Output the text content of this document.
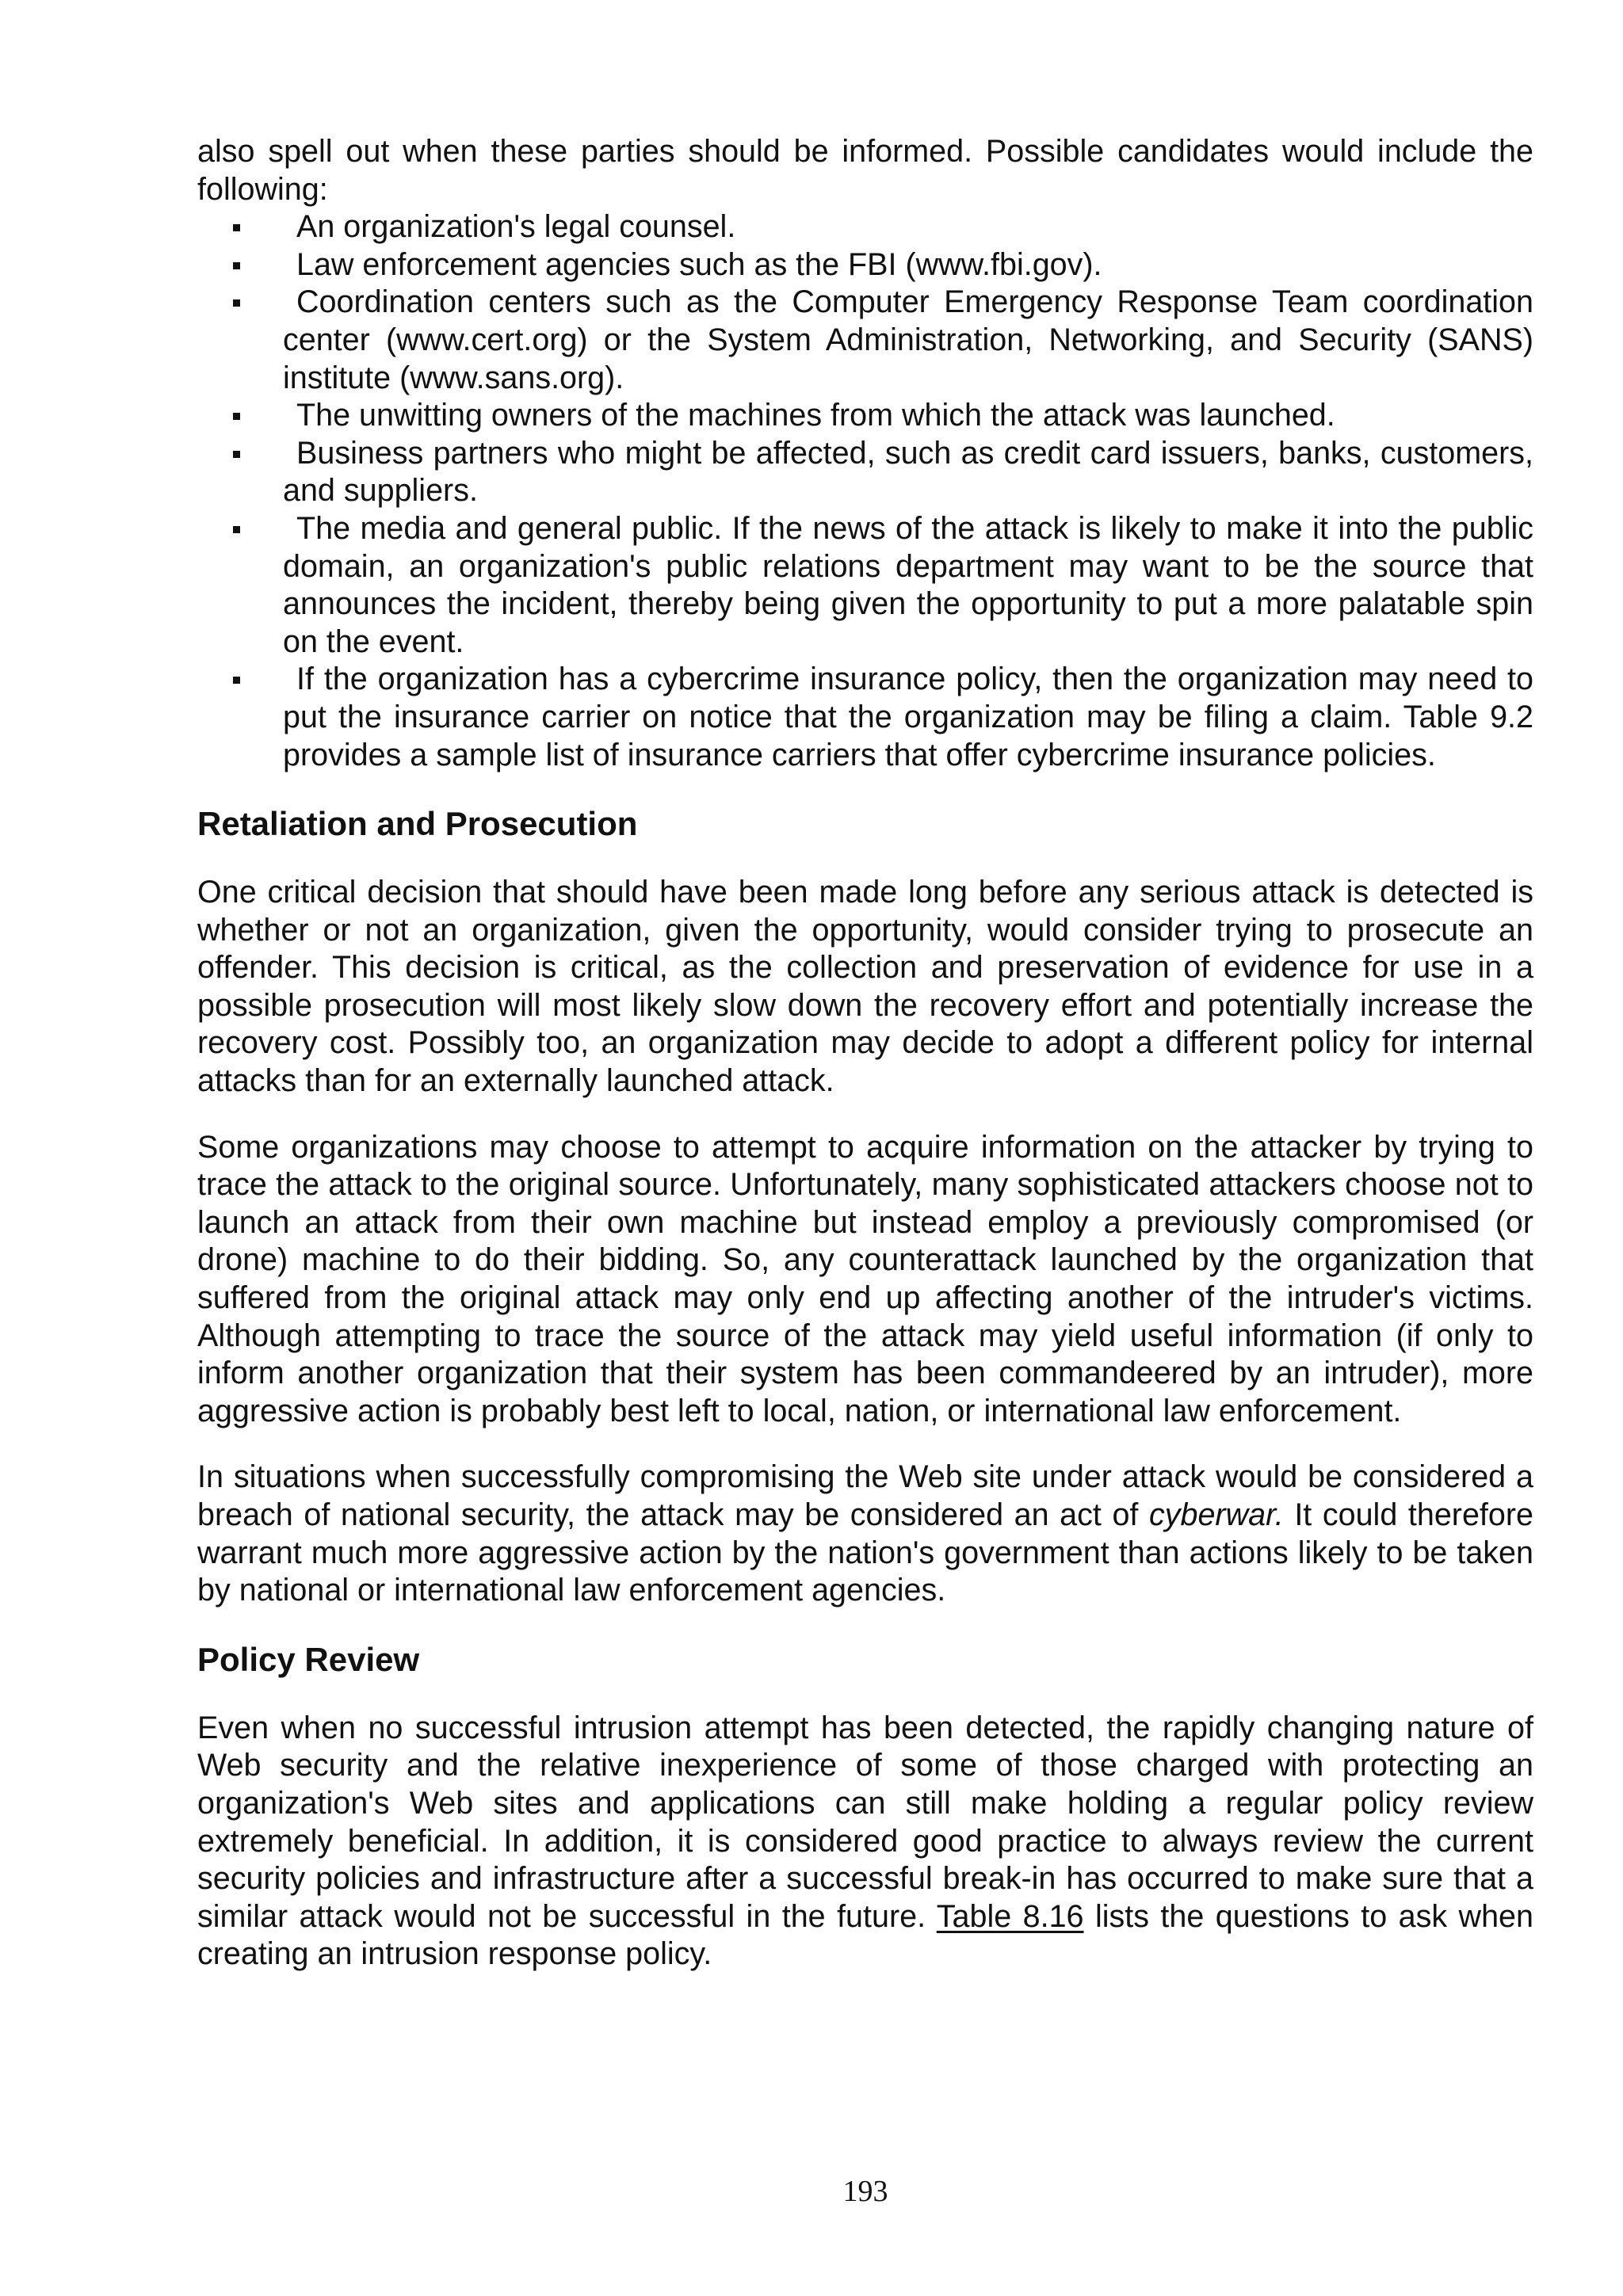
also spell out when these parties should be informed. Possible candidates would include the following:

An organization's legal counsel.
Law enforcement agencies such as the FBI (www.fbi.gov).
Coordination centers such as the Computer Emergency Response Team coordination center (www.cert.org) or the System Administration, Networking, and Security (SANS) institute (www.sans.org).
The unwitting owners of the machines from which the attack was launched.
Business partners who might be affected, such as credit card issuers, banks, customers, and suppliers.
The media and general public. If the news of the attack is likely to make it into the public domain, an organization's public relations department may want to be the source that announces the incident, thereby being given the opportunity to put a more palatable spin on the event.
If the organization has a cybercrime insurance policy, then the organization may need to put the insurance carrier on notice that the organization may be filing a claim. Table 9.2 provides a sample list of insurance carriers that offer cybercrime insurance policies.
Retaliation and Prosecution

One critical decision that should have been made long before any serious attack is detected is whether or not an organization, given the opportunity, would consider trying to prosecute an offender. This decision is critical, as the collection and preservation of evidence for use in a possible prosecution will most likely slow down the recovery effort and potentially increase the recovery cost. Possibly too, an organization may decide to adopt a different policy for internal attacks than for an externally launched attack.

Some organizations may choose to attempt to acquire information on the attacker by trying to trace the attack to the original source. Unfortunately, many sophisticated attackers choose not to launch an attack from their own machine but instead employ a previously compromised (or drone) machine to do their bidding. So, any counterattack launched by the organization that suffered from the original attack may only end up affecting another of the intruder's victims. Although attempting to trace the source of the attack may yield useful information (if only to inform another organization that their system has been commandeered by an intruder), more aggressive action is probably best left to local, nation, or international law enforcement.

In situations when successfully compromising the Web site under attack would be considered a breach of national security, the attack may be considered an act of cyberwar. It could therefore warrant much more aggressive action by the nation's government than actions likely to be taken by national or international law enforcement agencies.

Policy Review

Even when no successful intrusion attempt has been detected, the rapidly changing nature of Web security and the relative inexperience of some of those charged with protecting an organization's Web sites and applications can still make holding a regular policy review extremely beneficial. In addition, it is considered good practice to always review the current security policies and infrastructure after a successful break-in has occurred to make sure that a similar attack would not be successful in the future. Table 8.16 lists the questions to ask when creating an intrusion response policy.

193
